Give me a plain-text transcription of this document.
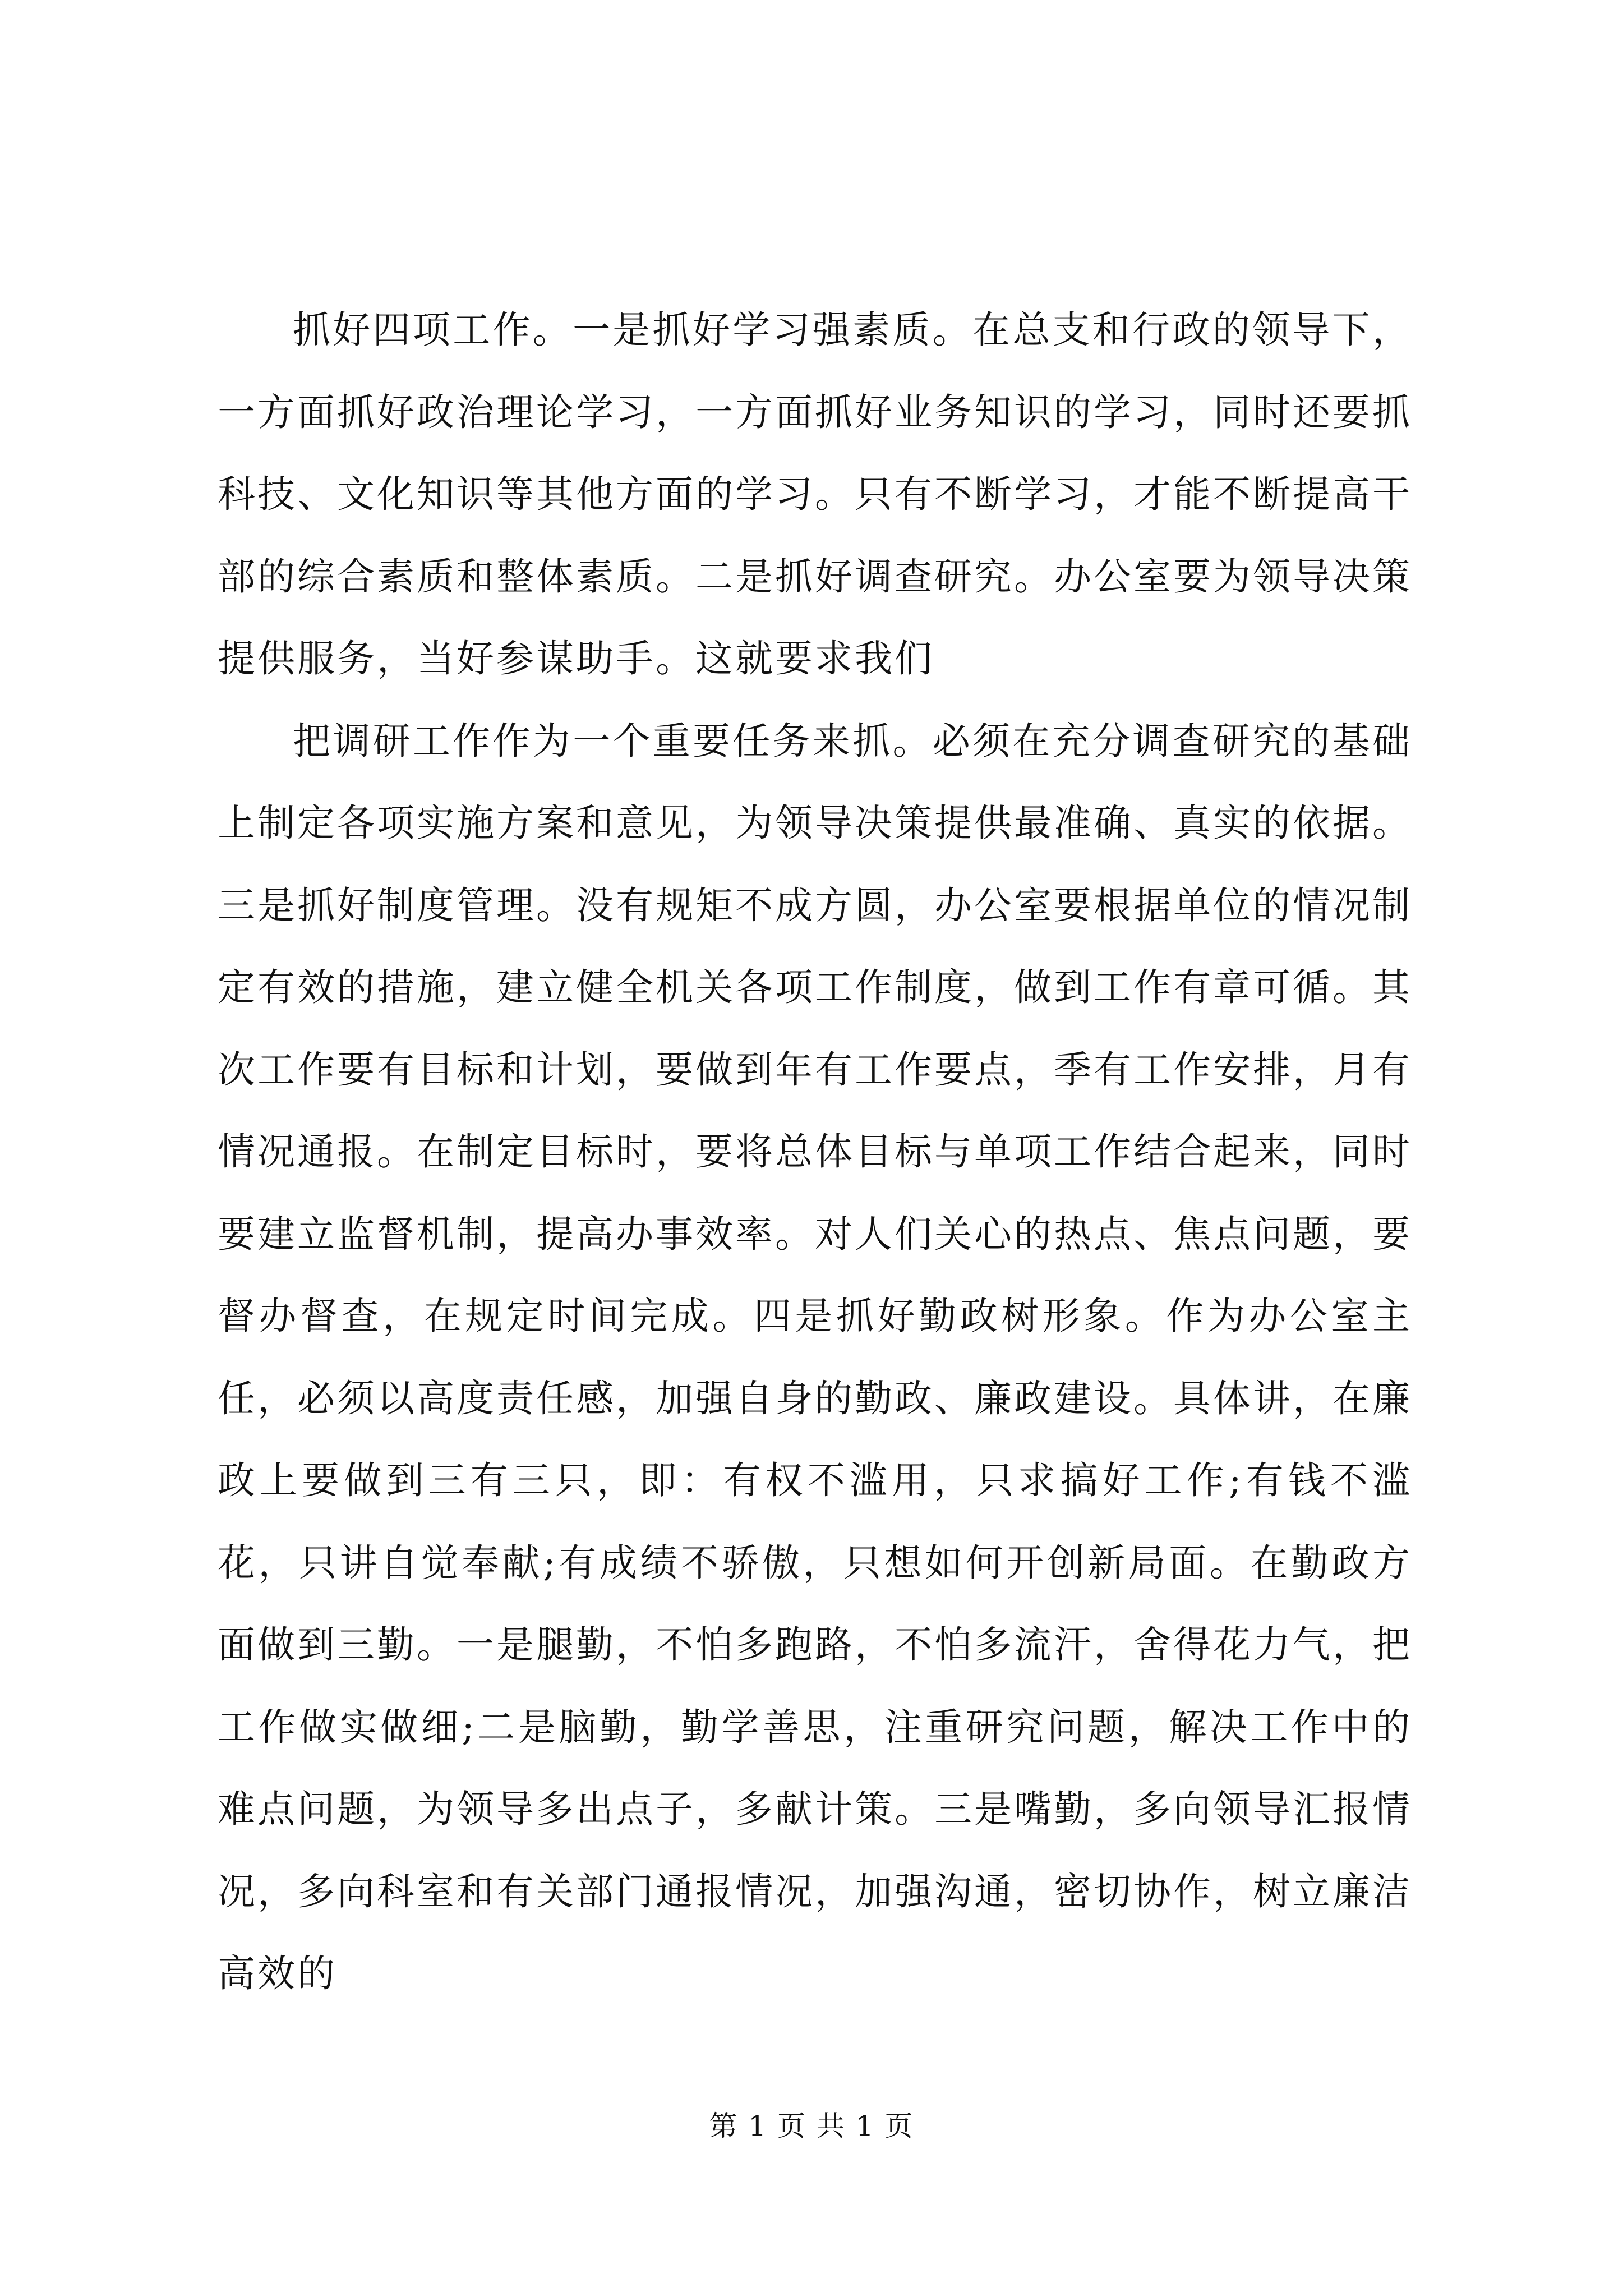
抓好四项工作。一是抓好学习强素质。在总支和行政的领导下，一方面抓好政治理论学习，一方面抓好业务知识的学习，同时还要抓科技、文化知识等其他方面的学习。只有不断学习，才能不断提高干部的综合素质和整体素质。二是抓好调查研究。办公室要为领导决策提供服务，当好参谋助手。这就要求我们

把调研工作作为一个重要任务来抓。必须在充分调查研究的基础上制定各项实施方案和意见，为领导决策提供最准确、真实的依据。三是抓好制度管理。没有规矩不成方圆，办公室要根据单位的情况制定有效的措施，建立健全机关各项工作制度，做到工作有章可循。其次工作要有目标和计划，要做到年有工作要点，季有工作安排，月有情况通报。在制定目标时，要将总体目标与单项工作结合起来，同时要建立监督机制，提高办事效率。对人们关心的热点、焦点问题，要督办督查，在规定时间完成。四是抓好勤政树形象。作为办公室主任，必须以高度责任感，加强自身的勤政、廉政建设。具体讲，在廉政上要做到三有三只，即：有权不滥用，只求搞好工作;有钱不滥花，只讲自觉奉献;有成绩不骄傲，只想如何开创新局面。在勤政方面做到三勤。一是腿勤，不怕多跑路，不怕多流汗，舍得花力气，把工作做实做细;二是脑勤，勤学善思，注重研究问题，解决工作中的难点问题，为领导多出点子，多献计策。三是嘴勤，多向领导汇报情况，多向科室和有关部门通报情况，加强沟通，密切协作，树立廉洁高效的

第 1 页 共 1 页
